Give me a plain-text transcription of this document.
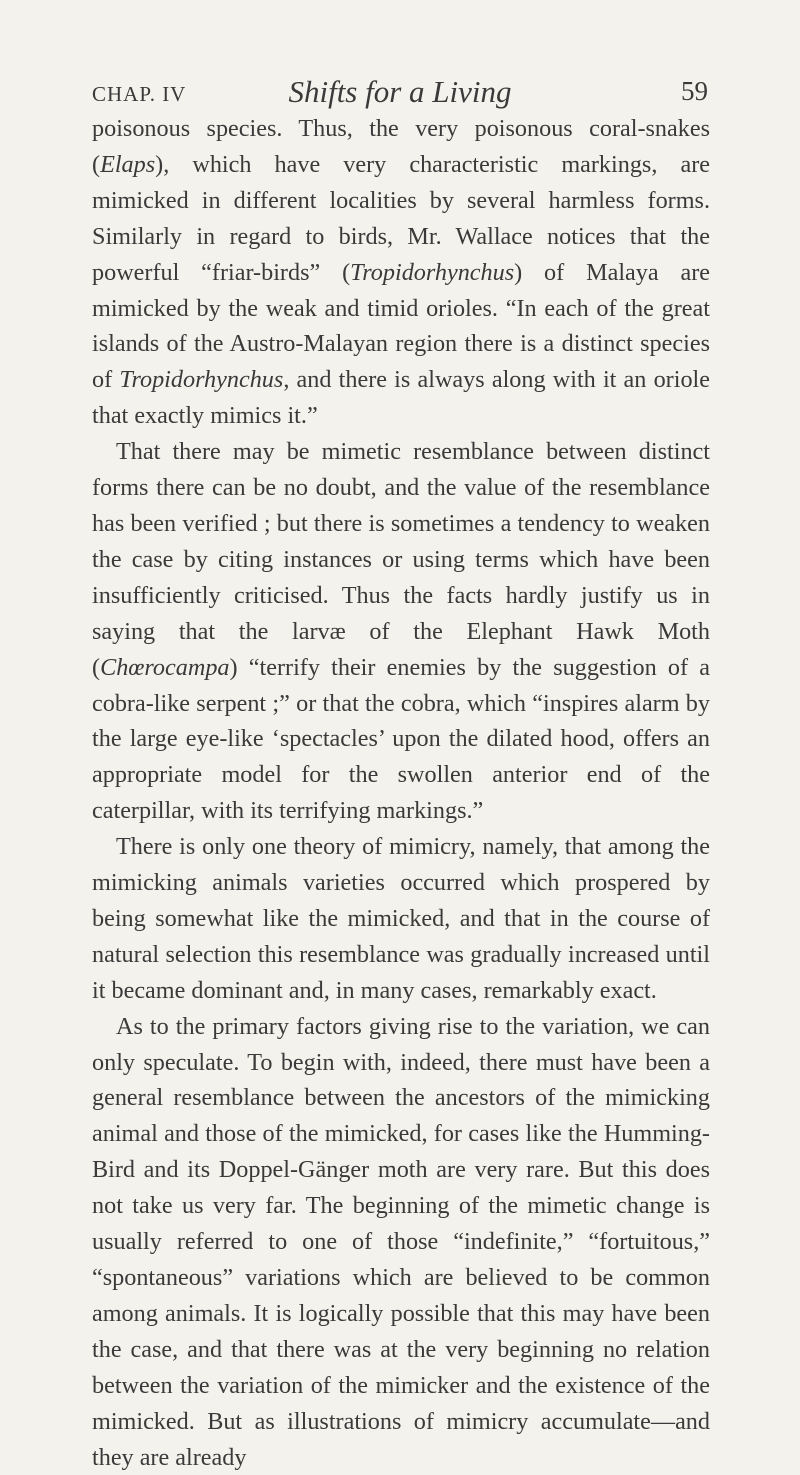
CHAP. IV	Shifts for a Living	59

poisonous species. Thus, the very poisonous coral-snakes (Elaps), which have very characteristic markings, are mimicked in different localities by several harmless forms. Similarly in regard to birds, Mr. Wallace notices that the powerful “friar-birds” (Tropidorhynchus) of Malaya are mimicked by the weak and timid orioles. “In each of the great islands of the Austro-Malayan region there is a distinct species of Tropidorhynchus, and there is always along with it an oriole that exactly mimics it.”

That there may be mimetic resemblance between distinct forms there can be no doubt, and the value of the resemblance has been verified ; but there is sometimes a tendency to weaken the case by citing instances or using terms which have been insufficiently criticised. Thus the facts hardly justify us in saying that the larvæ of the Elephant Hawk Moth (Chœrocampa) “terrify their enemies by the suggestion of a cobra-like serpent ;” or that the cobra, which “inspires alarm by the large eye-like ‘spectacles’ upon the dilated hood, offers an appropriate model for the swollen anterior end of the caterpillar, with its terrifying markings.”

There is only one theory of mimicry, namely, that among the mimicking animals varieties occurred which prospered by being somewhat like the mimicked, and that in the course of natural selection this resemblance was gradually increased until it became dominant and, in many cases, remarkably exact.

As to the primary factors giving rise to the variation, we can only speculate. To begin with, indeed, there must have been a general resemblance between the ancestors of the mimicking animal and those of the mimicked, for cases like the Humming-Bird and its Doppel-Gänger moth are very rare. But this does not take us very far. The beginning of the mimetic change is usually referred to one of those “indefinite,” “fortuitous,” “spontaneous” variations which are believed to be common among animals. It is logically possible that this may have been the case, and that there was at the very beginning no relation between the variation of the mimicker and the existence of the mimicked. But as illustrations of mimicry accumulate—and they are already
